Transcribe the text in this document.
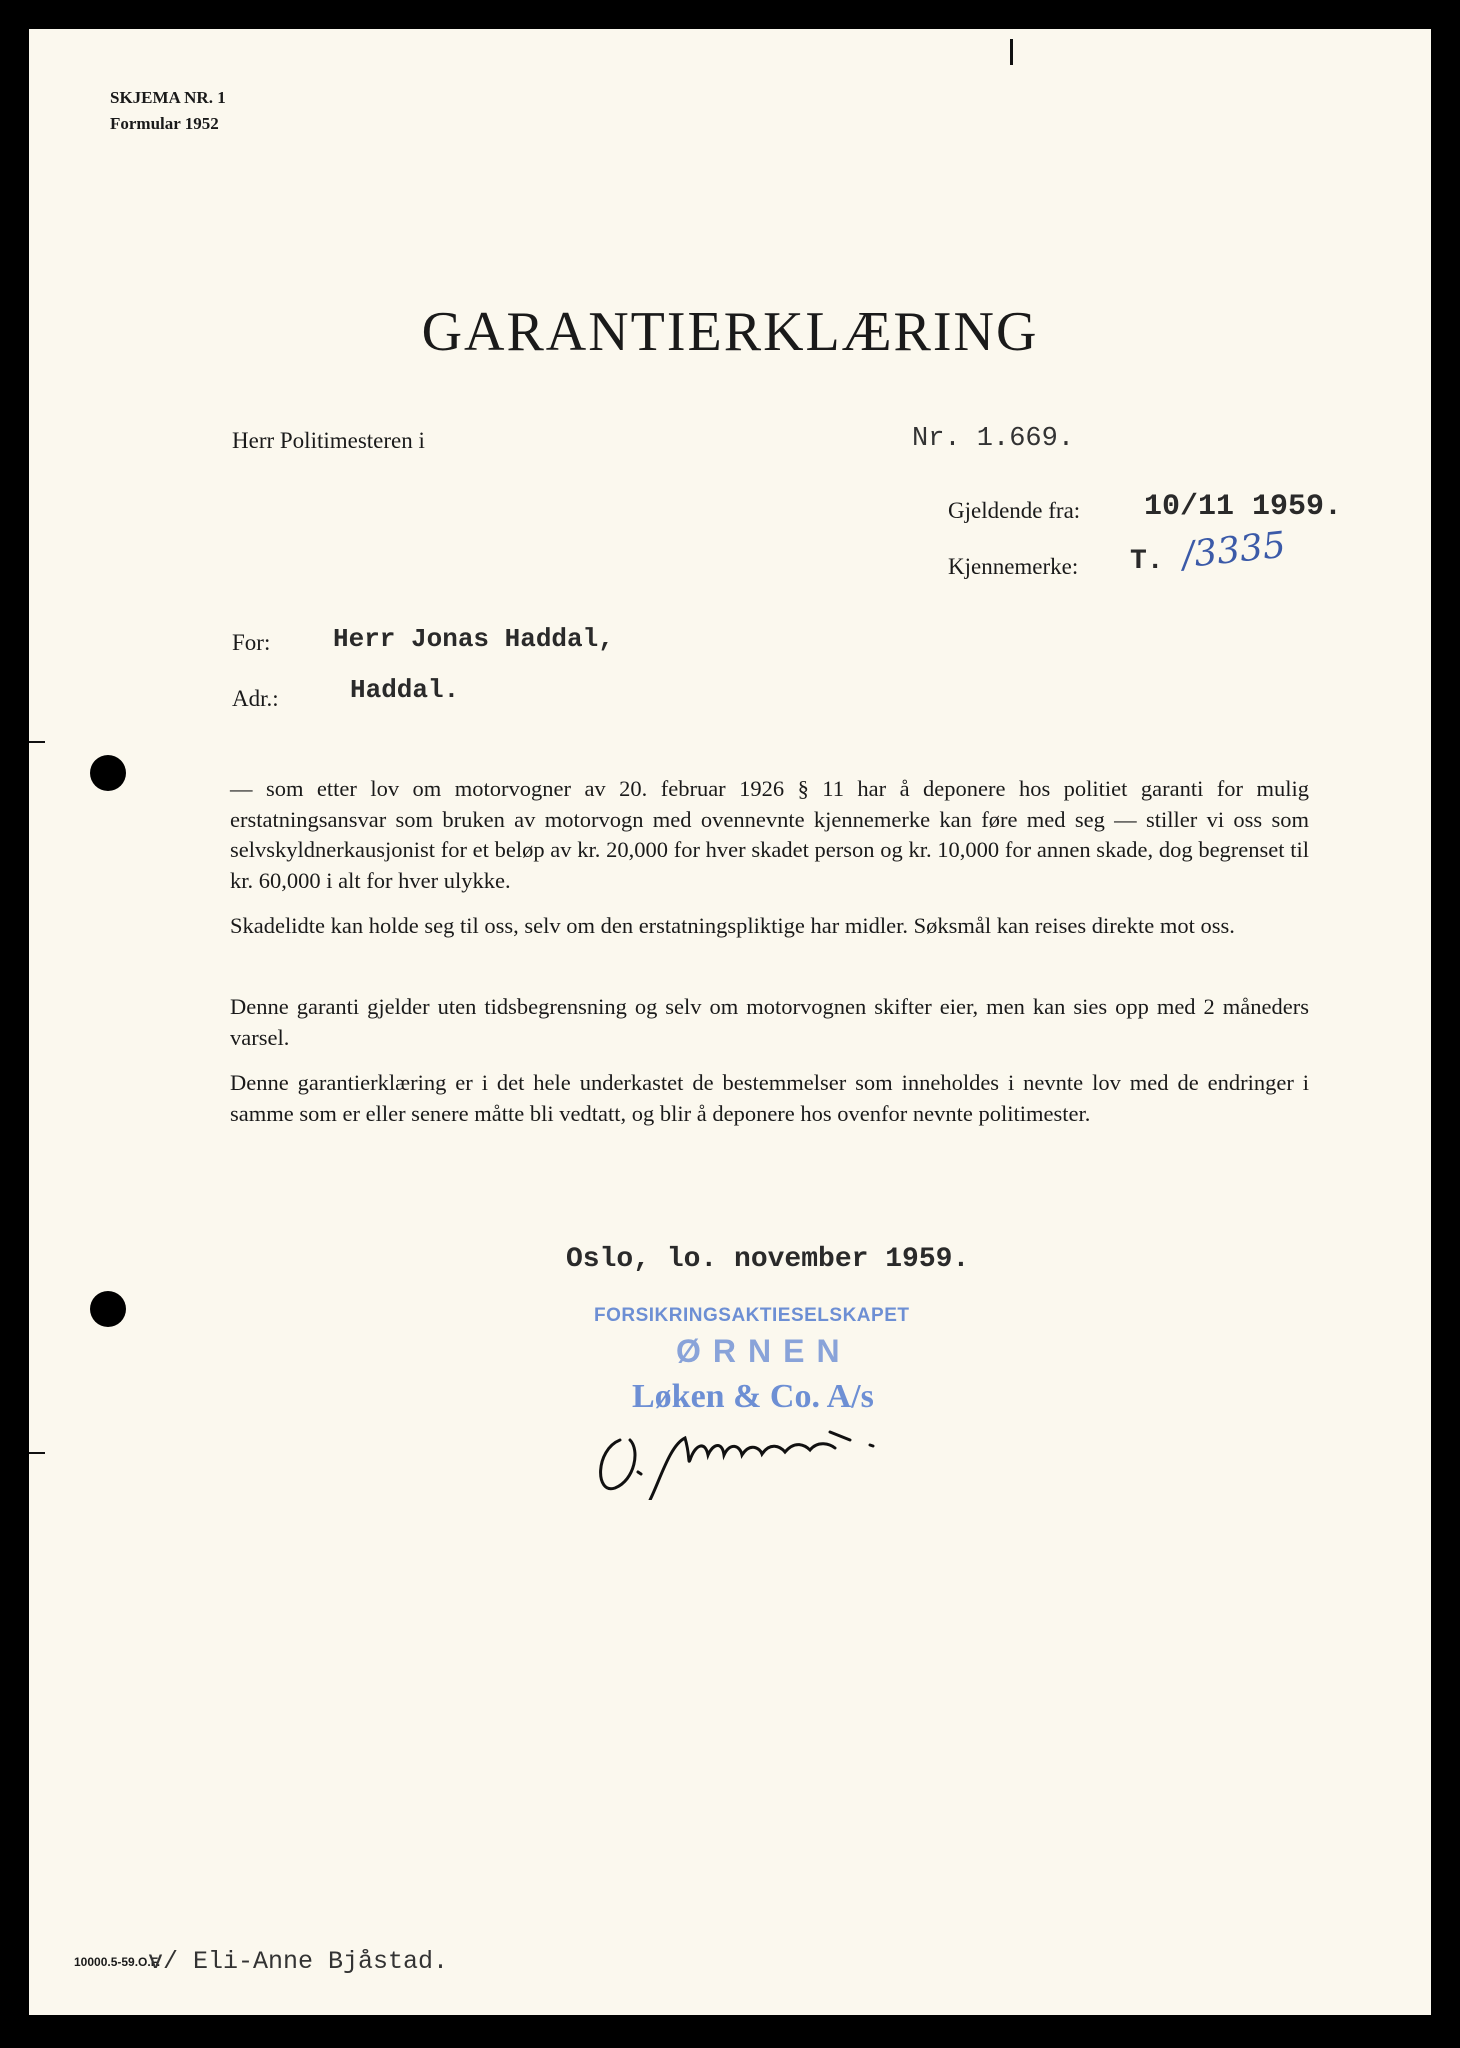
SKJEMA NR. 1
Formular 1952
GARANTIERKLÆRING
Herr Politimesteren i	Nr. 1.669.
Gjeldende fra: 10/11 1959.
Kjennemerke: T. /3335
For: Herr Jonas Haddal,
Adr.:	Haddal.
— som etter lov om motorvogner av 20. februar 1926 § 11 har å deponere hos politiet garanti for mulig erstatningsansvar som bruken av motorvogn med ovennevnte kjennemerke kan føre med seg — stiller vi oss som selvskyldnerkausjonist for et beløp av kr. 20,000 for hver skadet person og kr. 10,000 for annen skade, dog begrenset til kr. 60,000 i alt for hver ulykke.
Skadelidte kan holde seg til oss, selv om den erstatningspliktige har midler. Søksmål kan reises direkte mot oss.
Denne garanti gjelder uten tidsbegrensning og selv om motorvognen skifter eier, men kan sies opp med 2 måneders varsel.
Denne garantierklæring er i det hele underkastet de bestemmelser som inneholdes i nevnte lov med de endringer i samme som er eller senere måtte bli vedtatt, og blir å deponere hos ovenfor nevnte politimester.
Oslo, lo. november 1959.
FORSIKRINGSAKTIESELSKAPET
ØRNEN
Løken & Co. A/s
10000.5-59.O.F.
v/ Eli-Anne Bjåstad.
